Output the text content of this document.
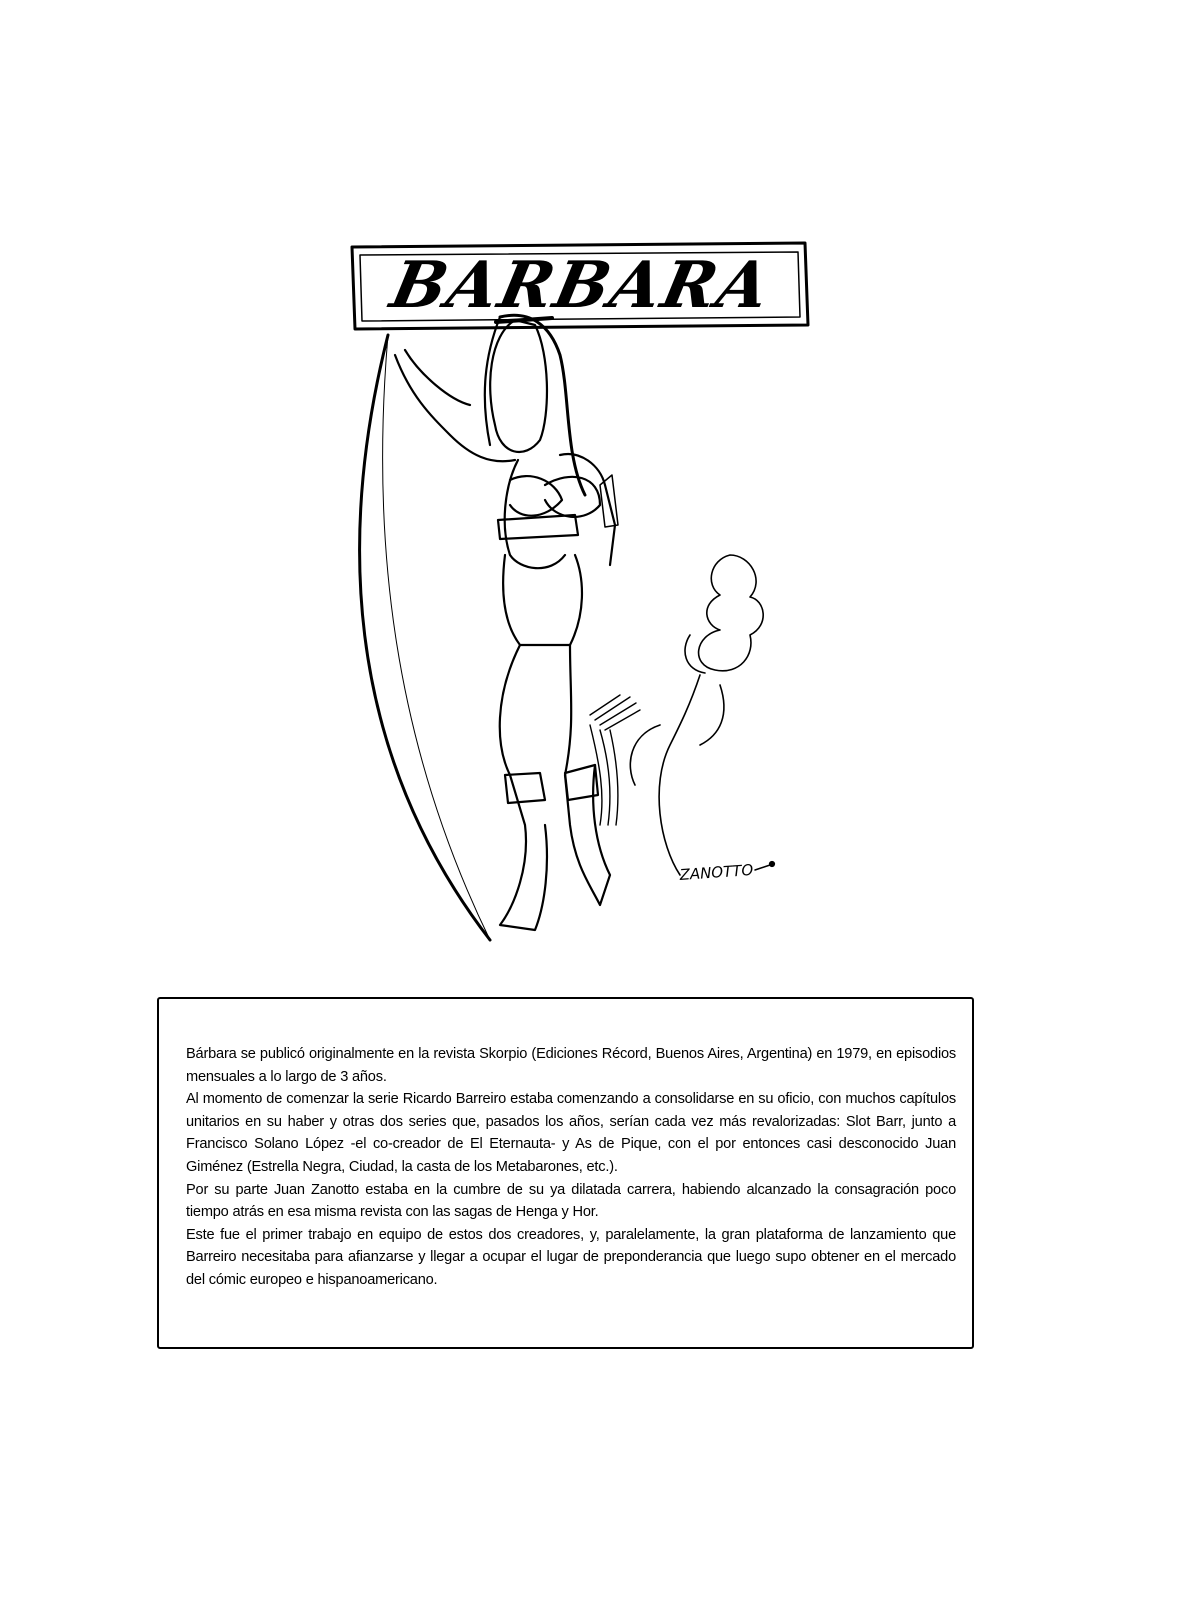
BARBARA
ZANOTTO

Bárbara se publicó originalmente en la revista Skorpio (Ediciones Récord, Buenos Aires, Argentina) en 1979, en episodios mensuales a lo largo de 3 años.

Al momento de comenzar la serie Ricardo Barreiro estaba comenzando a consolidarse en su oficio, con muchos capítulos unitarios en su haber y otras dos series que, pasados los años, serían cada vez más revalorizadas: Slot Barr, junto a Francisco Solano López -el co-creador de El Eternauta- y As de Pique, con el por entonces casi desconocido Juan Giménez (Estrella Negra, Ciudad, la casta de los Metabarones, etc.).

Por su parte Juan Zanotto estaba en la cumbre de su ya dilatada carrera, habiendo alcanzado la consagración poco tiempo atrás en esa misma revista con las sagas de Henga y Hor.

Este fue el primer trabajo en equipo de estos dos creadores, y, paralelamente, la gran plataforma de lanzamiento que Barreiro necesitaba para afianzarse y llegar a ocupar el lugar de preponderancia que luego supo obtener en el mercado del cómic europeo e hispanoamericano.
